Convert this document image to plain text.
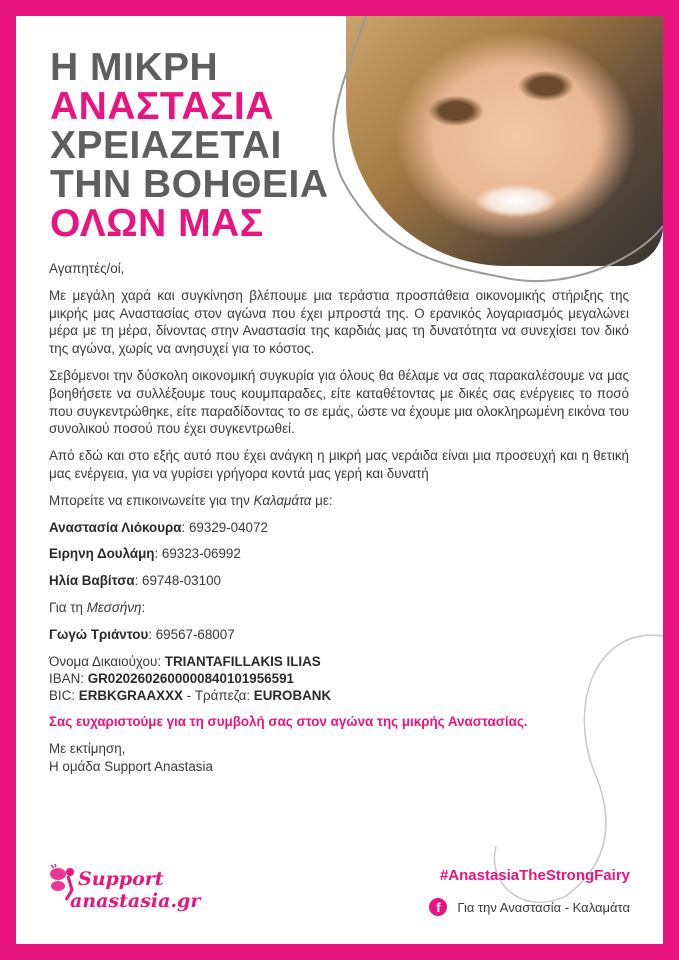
Η ΜΙΚΡΗ
ΑΝΑΣΤΑΣΙΑ
ΧΡΕΙΑΖΕΤΑΙ
ΤΗΝ ΒΟΗΘΕΙΑ
ΟΛΩΝ ΜΑΣ

Αγαπητές/οί,

Με μεγάλη χαρά και συγκίνηση βλέπουμε μια τεράστια προσπάθεια οικονομικής στήριξης της μικρής μας Αναστασίας στον αγώνα που έχει μπροστά της. Ο ερανικός λογαριασμός μεγαλώνει μέρα με τη μέρα, δίνοντας στην Αναστασία της καρδιάς μας τη δυνατότητα να συνεχίσει τον δικό της αγώνα, χωρίς να ανησυχεί για το κόστος.

Σεβόμενοι την δύσκολη οικονομική συγκυρία για όλους θα θέλαμε να σας παρακαλέσουμε να μας βοηθήσετε να συλλέξουμε τους κουμπαραδες, είτε καταθέτοντας με δικές σας ενέργειες το ποσό που συγκεντρώθηκε, είτε παραδίδοντας το σε εμάς, ώστε να έχουμε μια ολοκληρωμένη εικόνα του συνολικού ποσού που έχει συγκεντρωθεί.

Από εδώ και στο εξής αυτό που έχει ανάγκη η μικρή μας νεράιδα είναι μια προσευχή και η θετική μας ενέργεια, για να γυρίσει γρήγορα κοντά μας γερή και δυνατή

Μπορείτε να επικοινωνείτε για την Καλαμάτα με:

Αναστασία Λιόκουρα: 69329-04072
Ειρηνη Δουλάμη: 69323-06992
Ηλία Βαβίτσα: 69748-03100

Για τη Μεσσήνη:

Γωγώ Τριάντου: 69567-68007
Όνομα Δικαιούχου: TRIANTAFILLAKIS ILIAS
IBAN: GR0202602600000840101956591
BIC: ERBKGRAAXXX - Τράπεζα: EUROBANK
Σας ευχαριστούμε για τη συμβολή σας στον αγώνα της μικρής Αναστασίας.
Με εκτίμηση,
Η ομάδα Support Anastasia
Support
anastasia.gr
#AnastasiaTheStrongFairy
f	Για την Αναστασία - Καλαμάτα
